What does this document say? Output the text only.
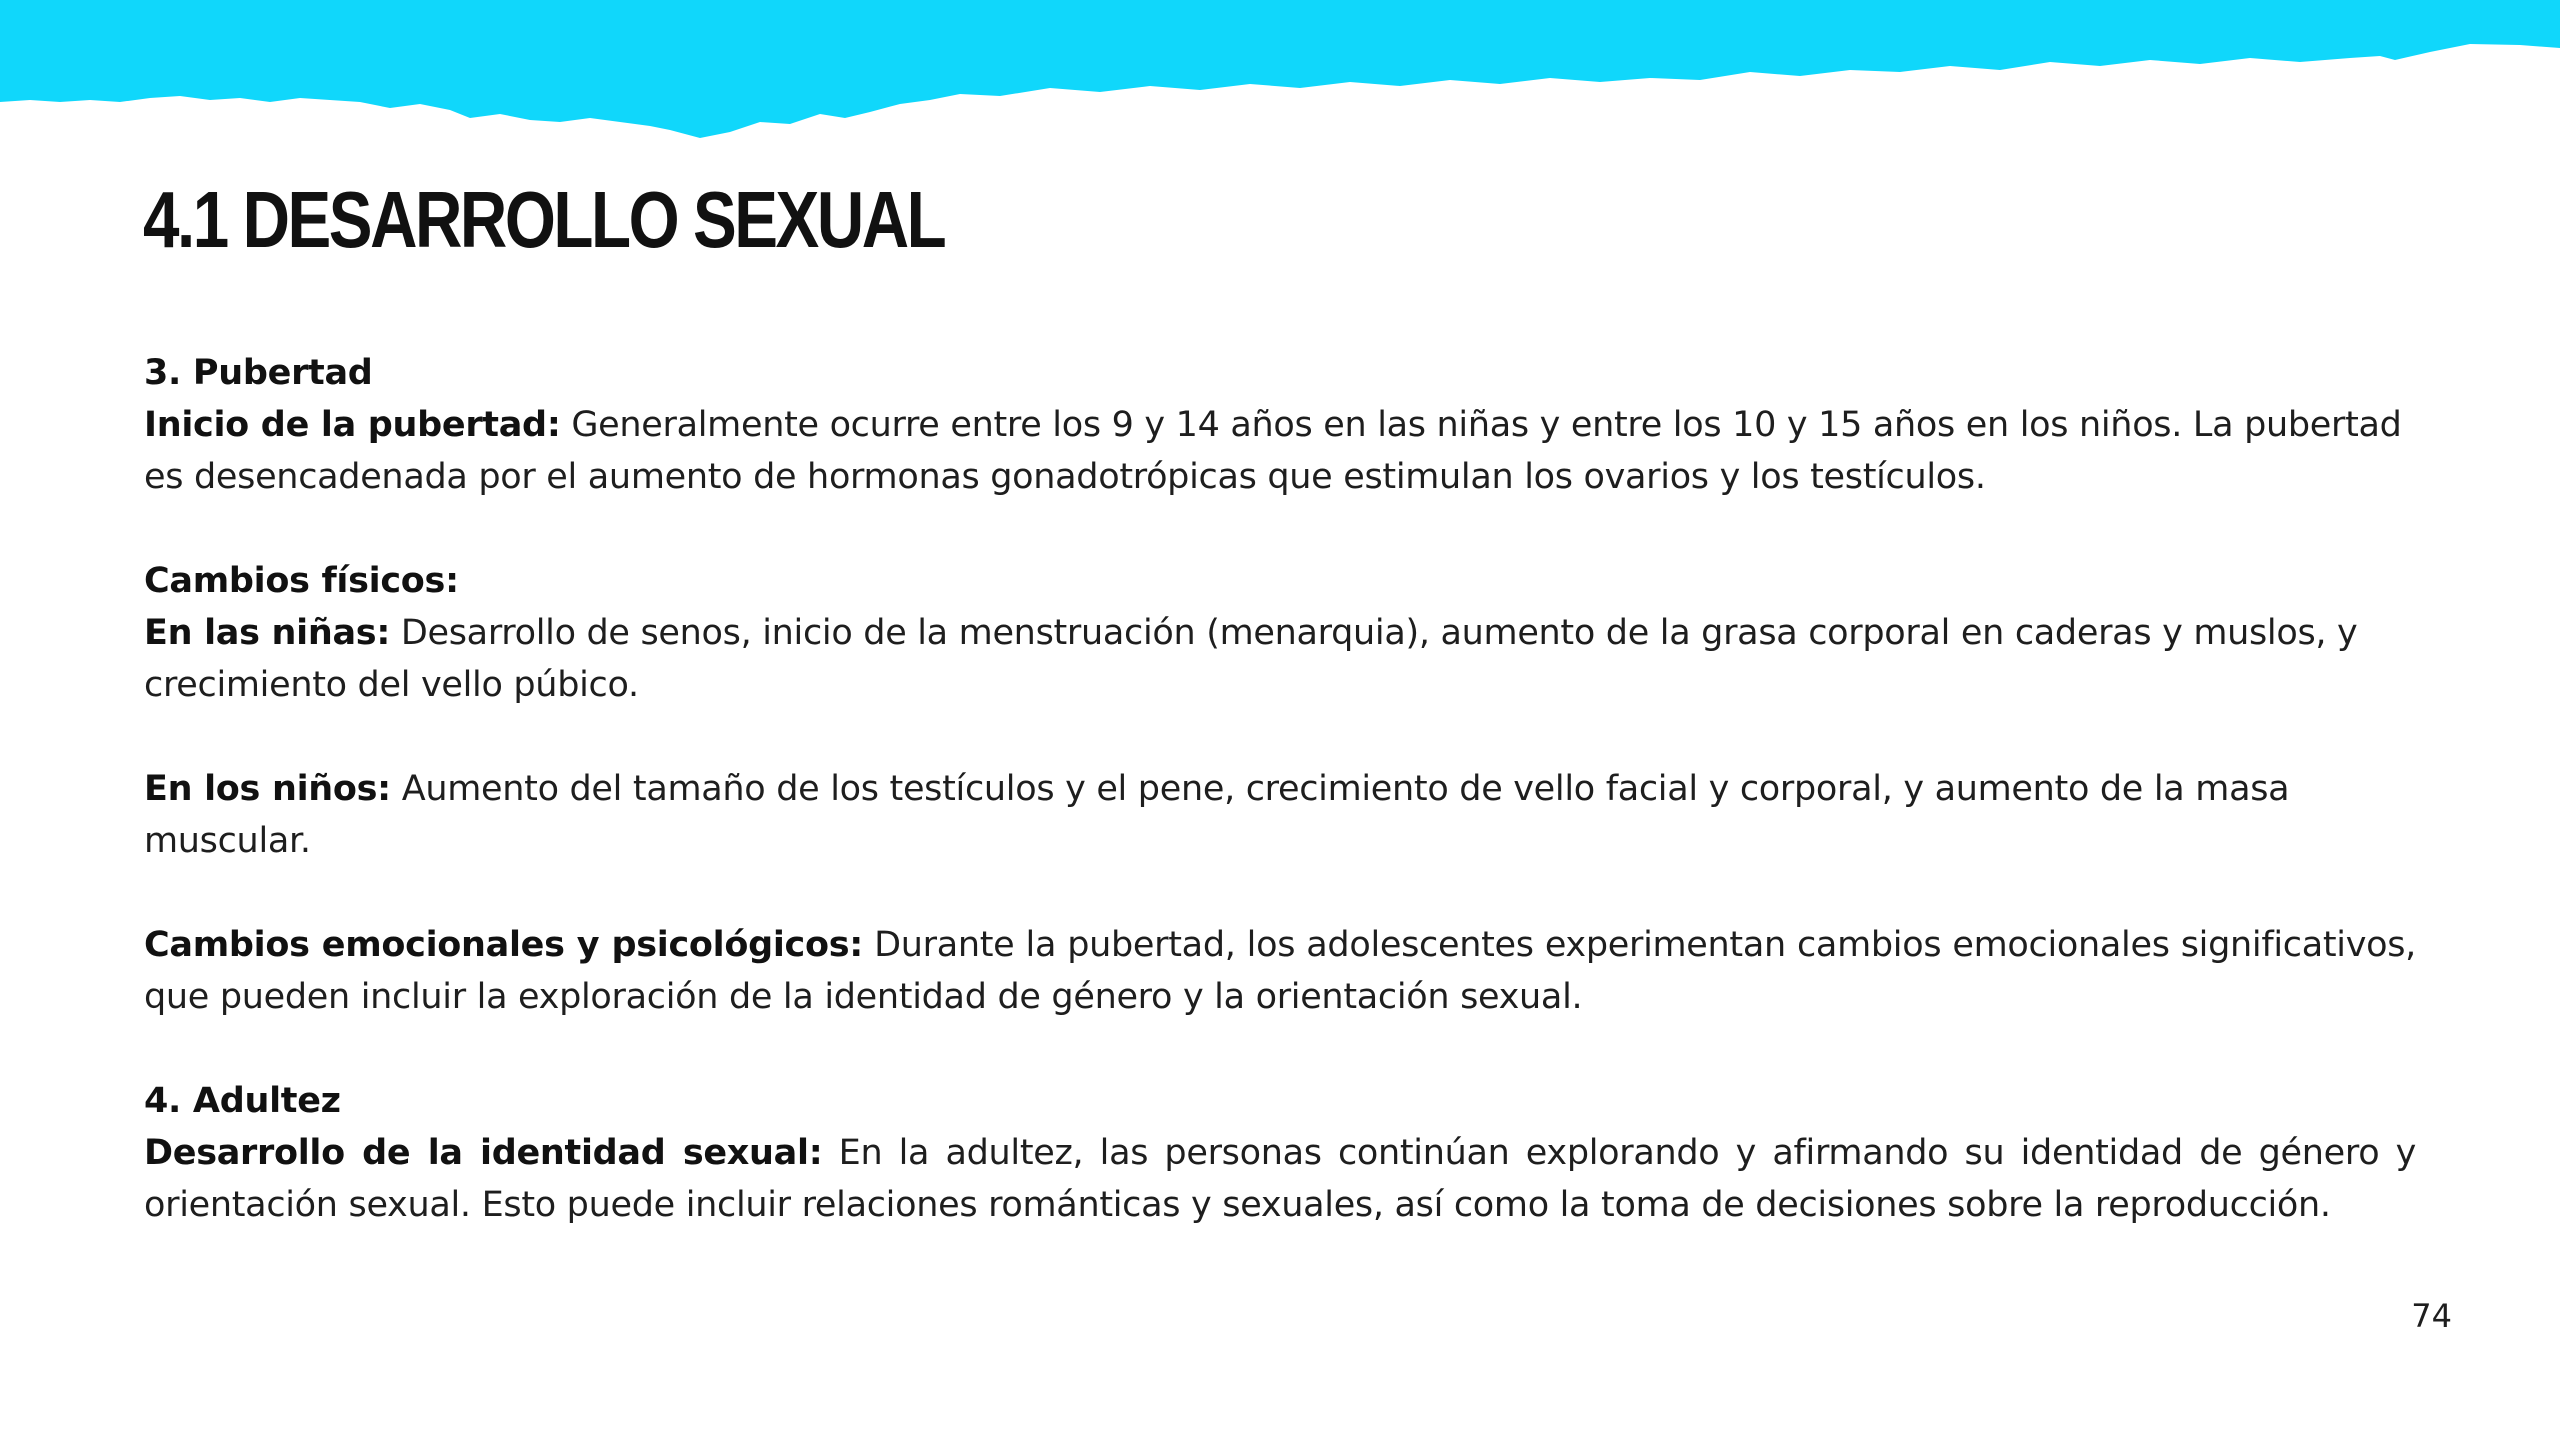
4.1 DESARROLLO SEXUAL

3. Pubertad

Inicio de la pubertad: Generalmente ocurre entre los 9 y 14 años en las niñas y entre los 10 y 15 años en los niños. La pubertad es desencadenada por el aumento de hormonas gonadotrópicas que estimulan los ovarios y los testículos.

Cambios físicos:

En las niñas: Desarrollo de senos, inicio de la menstruación (menarquia), aumento de la grasa corporal en caderas y muslos, y crecimiento del vello púbico.

En los niños: Aumento del tamaño de los testículos y el pene, crecimiento de vello facial y corporal, y aumento de la masa muscular.

Cambios emocionales y psicológicos: Durante la pubertad, los adolescentes experimentan cambios emocionales significativos, que pueden incluir la exploración de la identidad de género y la orientación sexual.

4. Adultez

Desarrollo de la identidad sexual: En la adultez, las personas continúan explorando y afirmando su identidad de género y orientación sexual. Esto puede incluir relaciones románticas y sexuales, así como la toma de decisiones sobre la reproducción.

74
